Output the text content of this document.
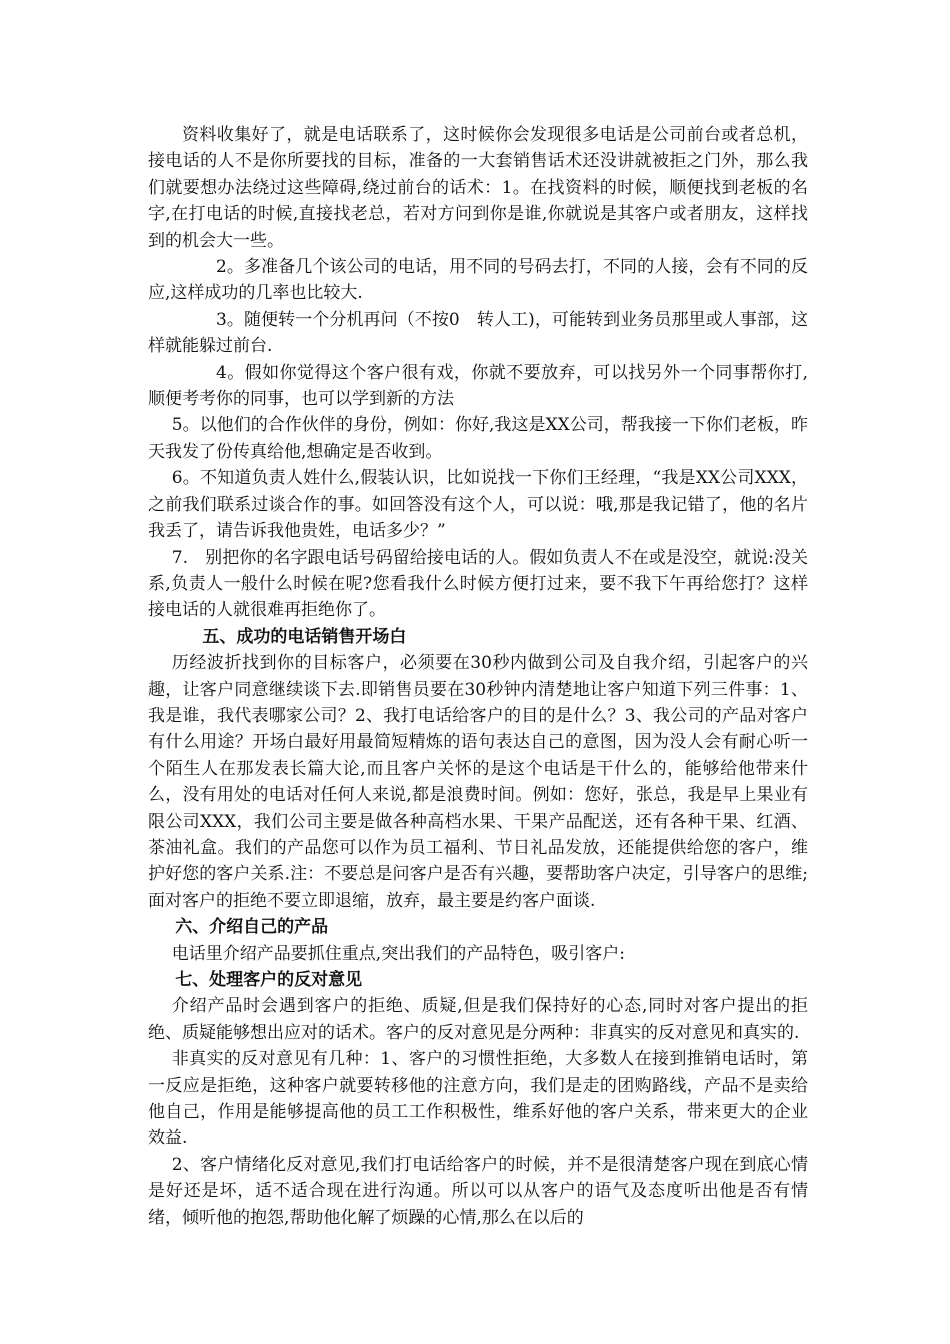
资料收集好了，就是电话联系了，这时候你会发现很多电话是公司前台或者总机，接电话的人不是你所要找的目标，准备的一大套销售话术还没讲就被拒之门外，那么我们就要想办法绕过这些障碍,绕过前台的话术：1。在找资料的时候，顺便找到老板的名字,在打电话的时候,直接找老总，若对方问到你是谁,你就说是其客户或者朋友，这样找到的机会大一些。

2。多准备几个该公司的电话，用不同的号码去打，不同的人接，会有不同的反应,这样成功的几率也比较大.

3。随便转一个分机再问（不按0　转人工)，可能转到业务员那里或人事部，这样就能躲过前台.

4。假如你觉得这个客户很有戏，你就不要放弃，可以找另外一个同事帮你打,顺便考考你的同事，也可以学到新的方法

5。以他们的合作伙伴的身份，例如：你好,我这是XX公司，帮我接一下你们老板，昨天我发了份传真给他,想确定是否收到。

6。不知道负责人姓什么,假装认识，比如说找一下你们王经理，“我是XX公司XXX，之前我们联系过谈合作的事。如回答没有这个人，可以说：哦,那是我记错了，他的名片我丢了，请告诉我他贵姓，电话多少？”

7.　别把你的名字跟电话号码留给接电话的人。假如负责人不在或是没空，就说:没关系,负责人一般什么时候在呢?您看我什么时候方便打过来，要不我下午再给您打？这样接电话的人就很难再拒绝你了。

五、成功的电话销售开场白

历经波折找到你的目标客户，必须要在30秒内做到公司及自我介绍，引起客户的兴趣，让客户同意继续谈下去.即销售员要在30秒钟内清楚地让客户知道下列三件事：1、我是谁，我代表哪家公司？2、我打电话给客户的目的是什么？3、我公司的产品对客户有什么用途？开场白最好用最简短精炼的语句表达自己的意图，因为没人会有耐心听一个陌生人在那发表长篇大论,而且客户关怀的是这个电话是干什么的，能够给他带来什么，没有用处的电话对任何人来说,都是浪费时间。例如：您好，张总，我是早上果业有限公司XXX，我们公司主要是做各种高档水果、干果产品配送，还有各种干果、红酒、茶油礼盒。我们的产品您可以作为员工福利、节日礼品发放，还能提供给您的客户，维护好您的客户关系.注：不要总是问客户是否有兴趣，要帮助客户决定，引导客户的思维;面对客户的拒绝不要立即退缩，放弃，最主要是约客户面谈.

六、介绍自己的产品

电话里介绍产品要抓住重点,突出我们的产品特色，吸引客户:

七、处理客户的反对意见

介绍产品时会遇到客户的拒绝、质疑,但是我们保持好的心态,同时对客户提出的拒绝、质疑能够想出应对的话术。客户的反对意见是分两种：非真实的反对意见和真实的.

非真实的反对意见有几种：1、客户的习惯性拒绝，大多数人在接到推销电话时，第一反应是拒绝，这种客户就要转移他的注意方向，我们是走的团购路线，产品不是卖给他自己，作用是能够提高他的员工工作积极性，维系好他的客户关系，带来更大的企业效益.

2、客户情绪化反对意见,我们打电话给客户的时候，并不是很清楚客户现在到底心情是好还是坏，适不适合现在进行沟通。所以可以从客户的语气及态度听出他是否有情绪，倾听他的抱怨,帮助他化解了烦躁的心情,那么在以后的
